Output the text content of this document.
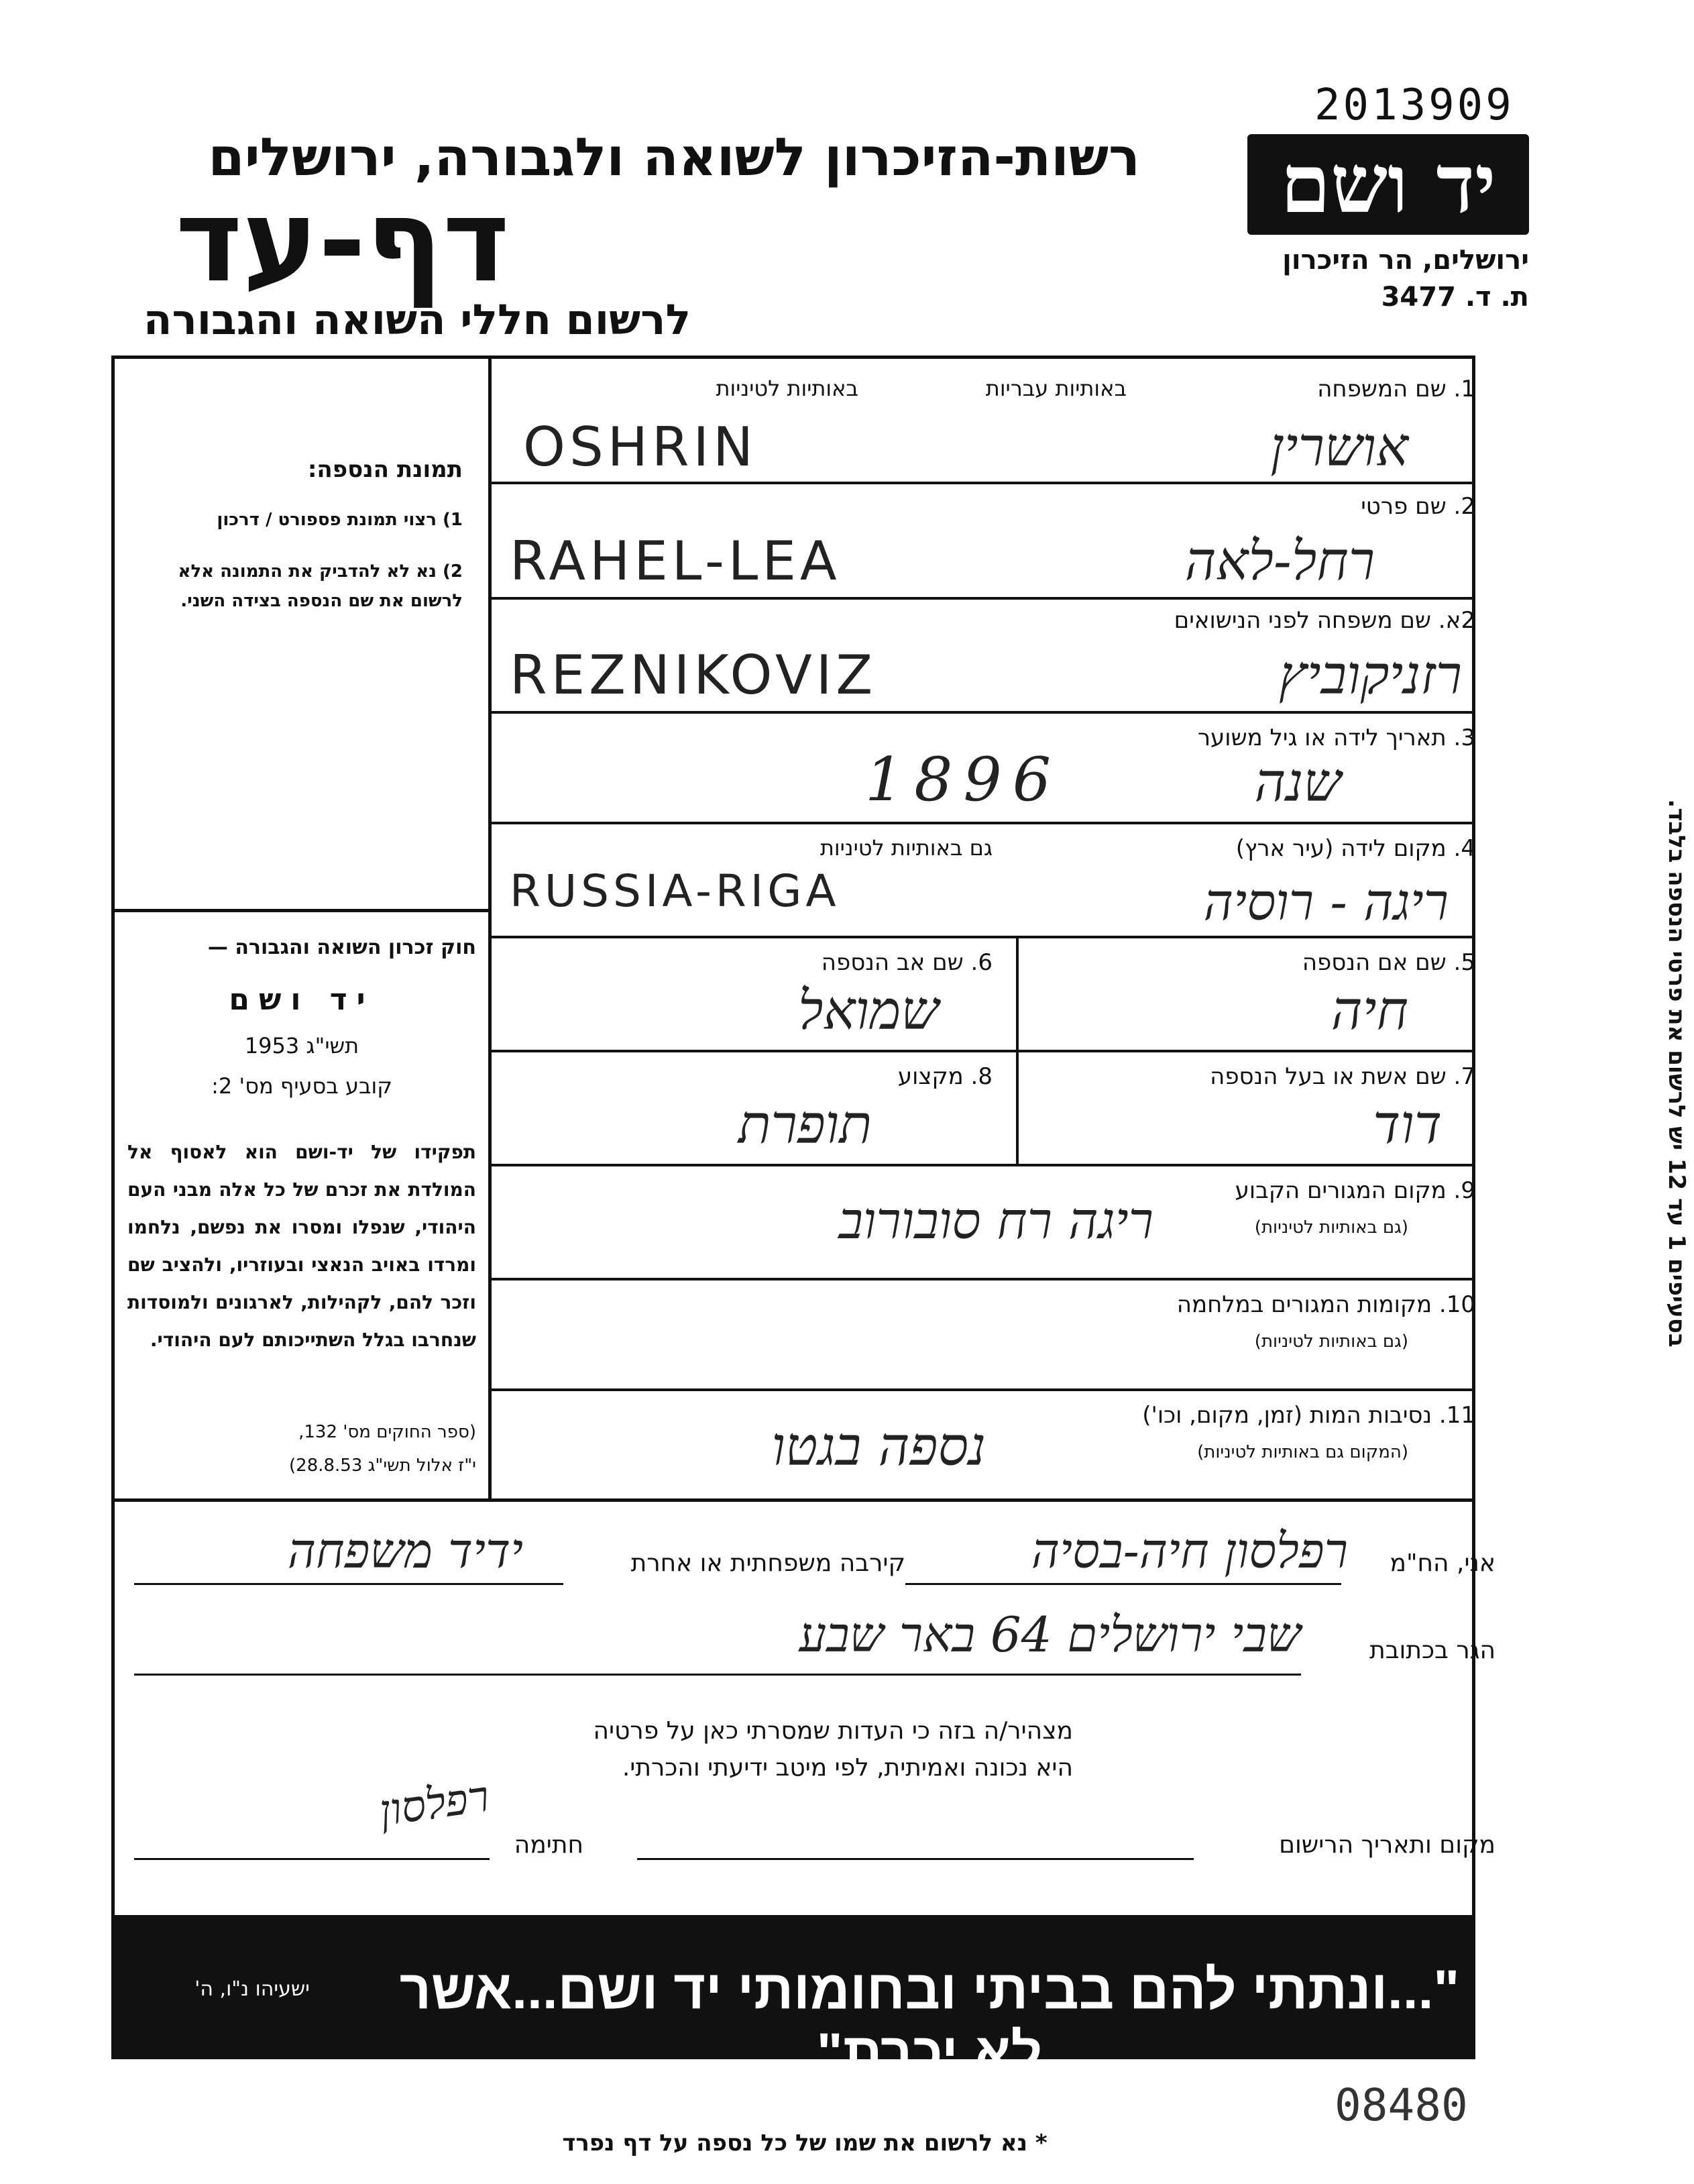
2013909
רשות-הזיכרון לשואה ולגבורה, ירושלים
דף-עד
לרשום חללי השואה והגבורה
יד ושם
ירושלים, הר הזיכרון
ת. ד. 3477
תמונת הנספה:
1) רצוי תמונת פספורט / דרכון
2) נא לא להדביק את התמונה אלא לרשום את שם הנספה בצידה השני.
חוק זכרון השואה והגבורה —
יד ושם
תשי"ג 1953
קובע בסעיף מס' 2:
תפקידו של יד-ושם הוא לאסוף אל המולדת את זכרם של כל אלה מבני העם היהודי, שנפלו ומסרו את נפשם, נלחמו ומרדו באויב הנאצי ובעוזריו, ולהציב שם וזכר להם, לקהילות, לארגונים ולמוסדות שנחרבו בגלל השתייכותם לעם היהודי.
(ספר החוקים מס' 132,
י"ז אלול תשי"ג 28.8.53)
בסעיפים 1 עד 12 יש לרשום את פרטי הנספה בלבד.
1. שם המשפחה
באותיות עבריות
באותיות לטיניות
OSHRIN	אושרין
2. שם פרטי
RAHEL-LEA	רחל-לאה
2א. שם משפחה לפני הנישואים
REZNIKOVIZ	רזניקוביץ
3. תאריך לידה או גיל משוער
1896	שנה
4. מקום לידה (עיר ארץ)
גם באותיות לטיניות
RUSSIA-RIGA	ריגה - רוסיה
5. שם אם הנספה
חיה
6. שם אב הנספה
שמואל
7. שם אשת או בעל הנספה
דוד
8. מקצוע
תופרת
9. מקום המגורים הקבוע
(גם באותיות לטיניות)
ריגה רח סובורוב
10. מקומות המגורים במלחמה
(גם באותיות לטיניות)
11. נסיבות המות (זמן, מקום, וכו')
(המקום גם באותיות לטיניות)
נספה בגטו
אני, הח"מ
רפלסון חיה-בסיה
קירבה משפחתית או אחרת
ידיד משפחה
הגר בכתובת
שבי ירושלים 64 באר שבע
מצהיר/ה בזה כי העדות שמסרתי כאן על פרטיה
היא נכונה ואמיתית, לפי מיטב ידיעתי והכרתי.
מקום ותאריך הרישום
חתימה
רפלסון
"...ונתתי להם בביתי ובחומותי יד ושם...אשר לא יכרת"
ישעיהו נ"ו, ה'
08480
* נא לרשום את שמו של כל נספה על דף נפרד
